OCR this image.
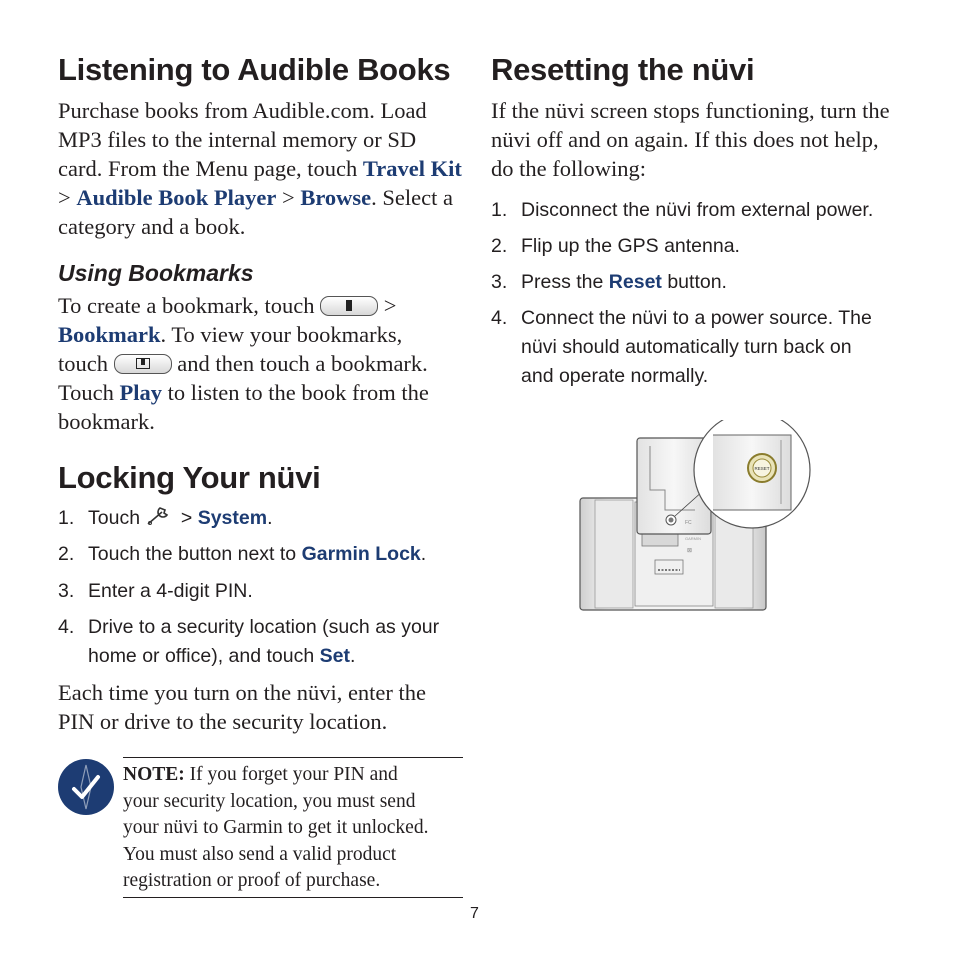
Listening to Audible Books
Purchase books from Audible.com. Load
MP3 files to the internal memory or SD
card. From the Menu page, touch Travel Kit
> Audible Book Player > Browse. Select a
category and a book.
Using Bookmarks
To create a bookmark, touch	>
Bookmark. To view your bookmarks,
touch	and then touch a bookmark.
Touch Play to listen to the book from the
bookmark.
Locking Your nüvi
1. Touch  > System.
2. Touch the button next to Garmin Lock.
3. Enter a 4-digit PIN.
4. Drive to a security location (such as your
home or office), and touch Set.
Each time you turn on the nüvi, enter the
PIN or drive to the security location.
NOTE: If you forget your PIN and
your security location, you must send
your nüvi to Garmin to get it unlocked.
You must also send a valid product
registration or proof of purchase.
Resetting the nüvi
If the nüvi screen stops functioning, turn the
nüvi off and on again. If this does not help,
do the following:
1. Disconnect the nüvi from external power.
2. Flip up the GPS antenna.
3. Press the Reset button.
4. Connect the nüvi to a power source. The
nüvi should automatically turn back on
and operate normally.
FC
GARMIN
⊠
RESET
7
